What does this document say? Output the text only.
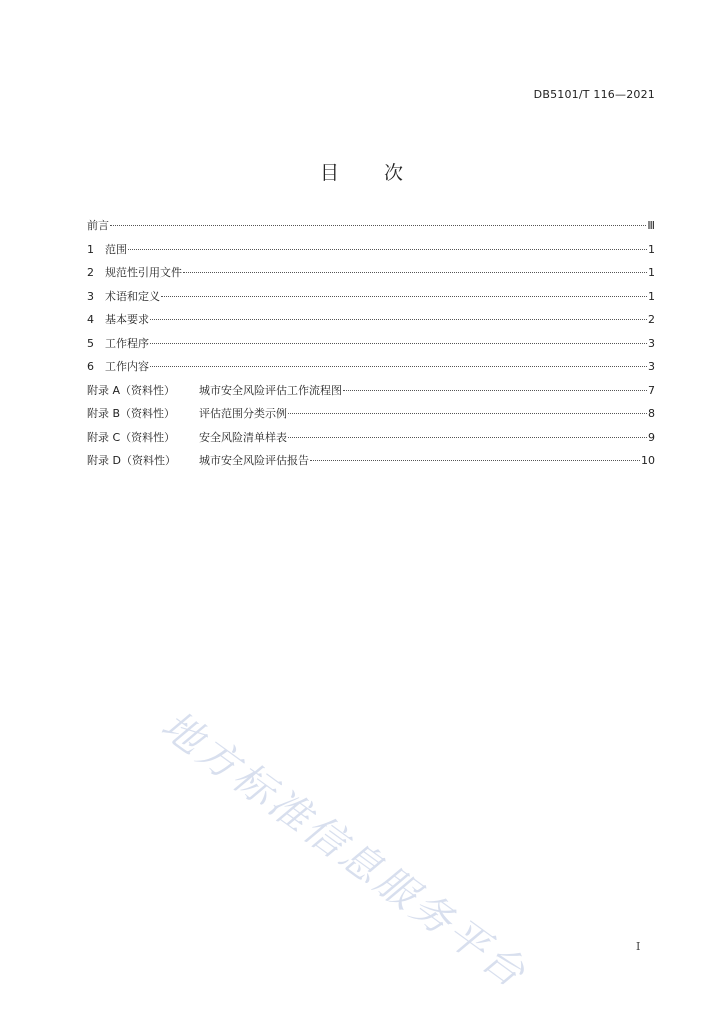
DB5101/T 116—2021
目 次
前言	Ⅲ
1	范围	1
2	规范性引用文件	1
3	术语和定义	1
4	基本要求	2
5	工作程序	3
6	工作内容	3
附录 A（资料性）	城市安全风险评估工作流程图	7
附录 B（资料性）	评估范围分类示例	8
附录 C（资料性）	安全风险清单样表	9
附录 D（资料性）	城市安全风险评估报告	10
地方标准信息服务平台	I
